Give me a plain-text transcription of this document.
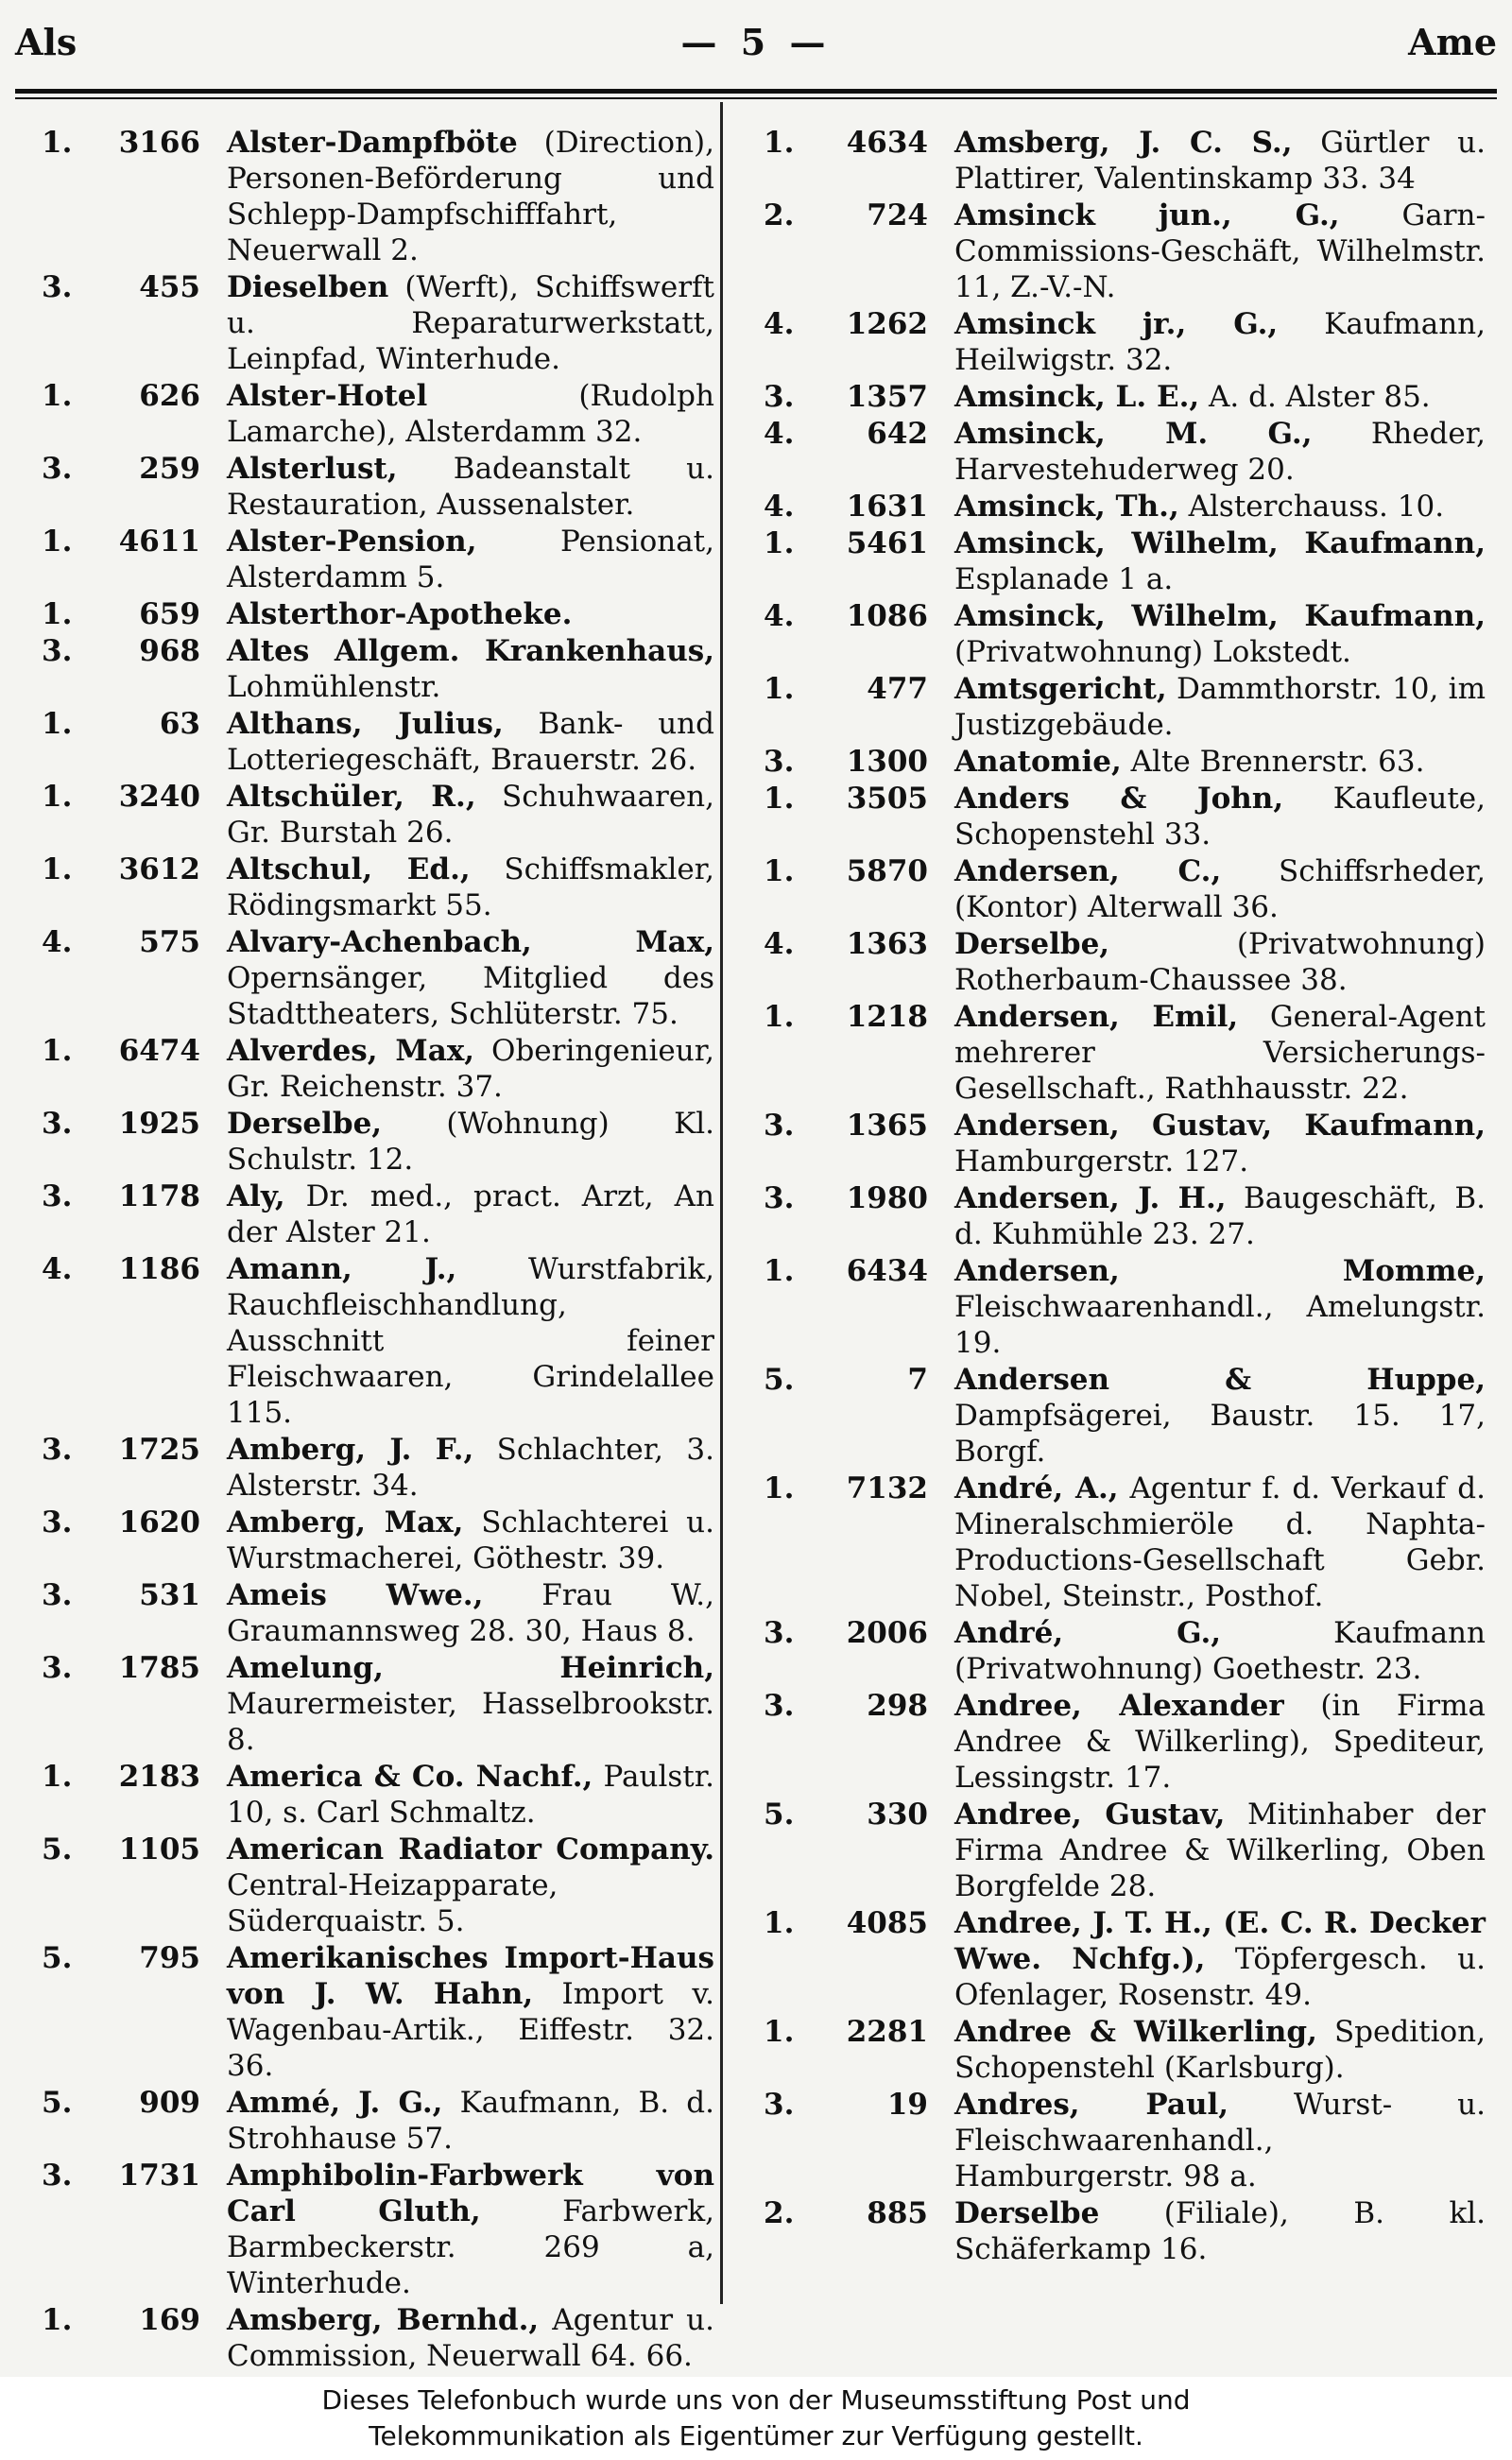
Als	— 5 —	Ame
1.	3166 Alster-Dampfböte (Direction), Personen-Beförderung und Schlepp-Dampfschifffahrt, Neuerwall 2.
3.	455 Dieselben (Werft), Schiffswerft u. Reparaturwerkstatt, Leinpfad, Winterhude.
1.	626 Alster-Hotel (Rudolph Lamarche), Alsterdamm 32.
3.	259 Alsterlust, Badeanstalt u. Restauration, Aussenalster.
1.	4611 Alster-Pension, Pensionat, Alsterdamm 5.
1.	659 Alsterthor-Apotheke.
3.	968 Altes Allgem. Krankenhaus, Lohmühlenstr.
1.	63 Althans, Julius, Bank- und Lotteriegeschäft, Brauerstr. 26.
1.	3240 Altschüler, R., Schuhwaaren, Gr. Burstah 26.
1.	3612 Altschul, Ed., Schiffsmakler, Rödingsmarkt 55.
4.	575 Alvary-Achenbach, Max, Opernsänger, Mitglied des Stadttheaters, Schlüterstr. 75.
1.	6474 Alverdes, Max, Oberingenieur, Gr. Reichenstr. 37.
3.	1925 Derselbe, (Wohnung) Kl. Schulstr. 12.
3.	1178 Aly, Dr. med., pract. Arzt, An der Alster 21.
4.	1186 Amann, J., Wurstfabrik, Rauchfleischhandlung, Ausschnitt feiner Fleischwaaren, Grindelallee 115.
3.	1725 Amberg, J. F., Schlachter, 3. Alsterstr. 34.
3.	1620 Amberg, Max, Schlachterei u. Wurstmacherei, Göthestr. 39.
3.	531 Ameis Wwe., Frau W., Graumannsweg 28. 30, Haus 8.
3.	1785 Amelung, Heinrich, Maurermeister, Hasselbrookstr. 8.
1.	2183 America & Co. Nachf., Paulstr. 10, s. Carl Schmaltz.
5.	1105 American Radiator Company. Central-Heizapparate, Süderquaistr. 5.
5.	795 Amerikanisches Import-Haus von J. W. Hahn, Import v. Wagenbau-Artik., Eiffestr. 32. 36.
5.	909 Ammé, J. G., Kaufmann, B. d. Strohhause 57.
3.	1731 Amphibolin-Farbwerk von Carl Gluth, Farbwerk, Barmbeckerstr. 269 a, Winterhude.
1.	169 Amsberg, Bernhd., Agentur u. Commission, Neuerwall 64. 66.
1.	4634 Amsberg, J. C. S., Gürtler u. Plattirer, Valentinskamp 33. 34
2.	724 Amsinck jun., G., Garn-Commissions-Geschäft, Wilhelmstr. 11, Z.-V.-N.
4.	1262 Amsinck jr., G., Kaufmann, Heilwigstr. 32.
3.	1357 Amsinck, L. E., A. d. Alster 85.
4.	642 Amsinck, M. G., Rheder, Harvestehuderweg 20.
4.	1631 Amsinck, Th., Alsterchauss. 10.
1.	5461 Amsinck, Wilhelm, Kaufmann, Esplanade 1 a.
4.	1086 Amsinck, Wilhelm, Kaufmann, (Privatwohnung) Lokstedt.
1.	477 Amtsgericht, Dammthorstr. 10, im Justizgebäude.
3.	1300 Anatomie, Alte Brennerstr. 63.
1.	3505 Anders & John, Kaufleute, Schopenstehl 33.
1.	5870 Andersen, C., Schiffsrheder, (Kontor) Alterwall 36.
4.	1363 Derselbe, (Privatwohnung) Rotherbaum-Chaussee 38.
1.	1218 Andersen, Emil, General-Agent mehrerer Versicherungs-Gesellschaft., Rathhausstr. 22.
3.	1365 Andersen, Gustav, Kaufmann, Hamburgerstr. 127.
3.	1980 Andersen, J. H., Baugeschäft, B. d. Kuhmühle 23. 27.
1.	6434 Andersen, Momme, Fleischwaarenhandl., Amelungstr. 19.
5.	7 Andersen & Huppe, Dampfsägerei, Baustr. 15. 17, Borgf.
1.	7132 André, A., Agentur f. d. Verkauf d. Mineralschmieröle d. Naphta-Productions-Gesellschaft Gebr. Nobel, Steinstr., Posthof.
3.	2006 André, G., Kaufmann (Privatwohnung) Goethestr. 23.
3.	298 Andree, Alexander (in Firma Andree & Wilkerling), Spediteur, Lessingstr. 17.
5.	330 Andree, Gustav, Mitinhaber der Firma Andree & Wilkerling, Oben Borgfelde 28.
1.	4085 Andree, J. T. H., (E. C. R. Decker Wwe. Nchfg.), Töpfergesch. u. Ofenlager, Rosenstr. 49.
1.	2281 Andree & Wilkerling, Spedition, Schopenstehl (Karlsburg).
3.	19 Andres, Paul, Wurst- u. Fleischwaarenhandl., Hamburgerstr. 98 a.
2.	885 Derselbe (Filiale), B. kl. Schäferkamp 16.
Dieses Telefonbuch wurde uns von der Museumsstiftung Post und
Telekommunikation als Eigentümer zur Verfügung gestellt.
